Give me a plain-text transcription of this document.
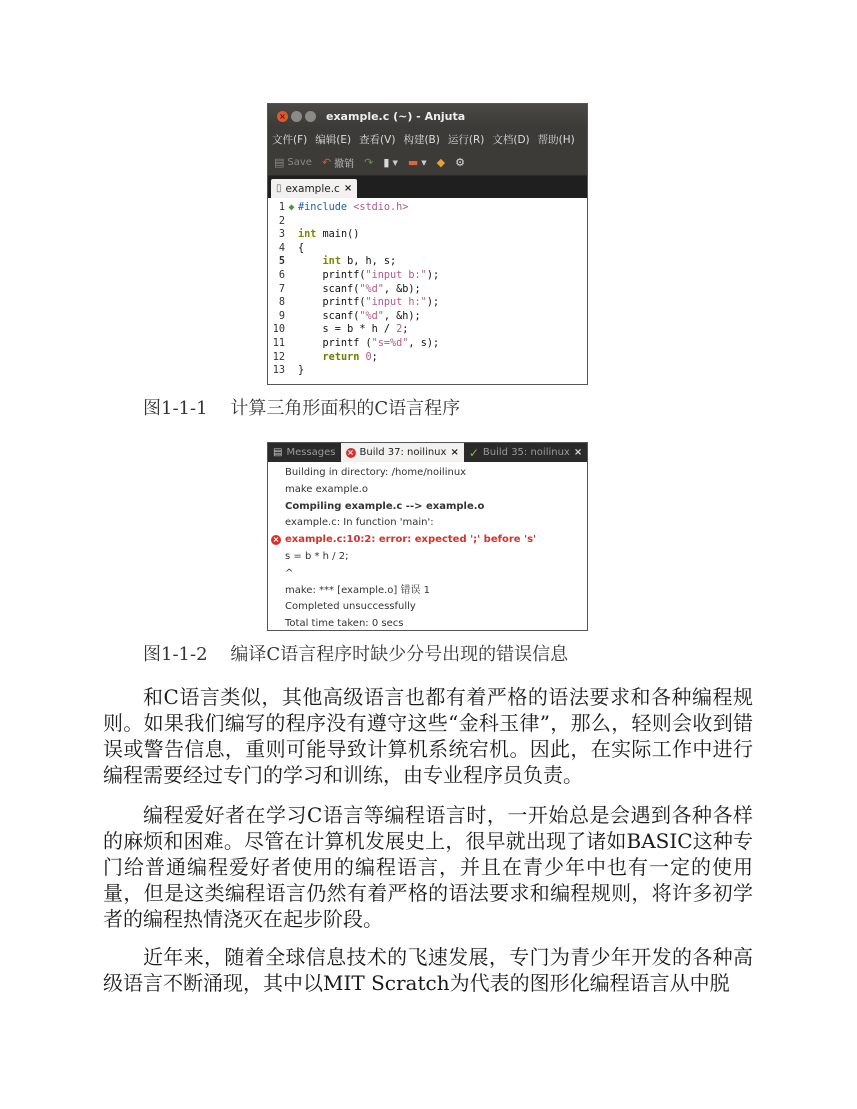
×	example.c (~) - Anjuta
文件(F) 编辑(E) 查看(V) 构建(B) 运行(R) 文档(D) 帮助(H)
▤ Save ↶ 撤销 ↷ ▮ ▼ ▬ ▼ ◆ ⚙
▯ example.c ×
1 ◆ #include <stdio.h>
2
3 int main()
4 {
5
	int b, h, s;
6 printf( "input b:" );
7 scanf( "%d" , &b);
8 printf( "input h:" );
9 scanf( "%d" , &h);
10 s = b * h / 2 ;
11 printf ( "s=%d" , s);
12
	return
0 ;
13 }
图1-1-1    计算三角形面积的C语言程序
▤ Messages × Build 37: noilinux × ✓ Build 35: noilinux ×
Building in directory: /home/noilinux
make example.o
Compiling example.c --> example.o
example.c: In function 'main':
× example.c:10:2: error: expected ';' before 's'
s = b * h / 2;
^
make: *** [example.o] 错误 1
Completed unsuccessfully
Total time taken: 0 secs
图1-1-2    编译C语言程序时缺少分号出现的错误信息

和C语言类似，其他高级语言也都有着严格的语法要求和各种编程规则。如果我们编写的程序没有遵守这些“金科玉律”，那么，轻则会收到错误或警告信息，重则可能导致计算机系统宕机。因此，在实际工作中进行编程需要经过专门的学习和训练，由专业程序员负责。

编程爱好者在学习C语言等编程语言时，一开始总是会遇到各种各样的麻烦和困难。尽管在计算机发展史上，很早就出现了诸如BASIC这种专门给普通编程爱好者使用的编程语言，并且在青少年中也有一定的使用量，但是这类编程语言仍然有着严格的语法要求和编程规则，将许多初学者的编程热情浇灭在起步阶段。

近年来，随着全球信息技术的飞速发展，专门为青少年开发的各种高级语言不断涌现，其中以MIT Scratch为代表的图形化编程语言从中脱
